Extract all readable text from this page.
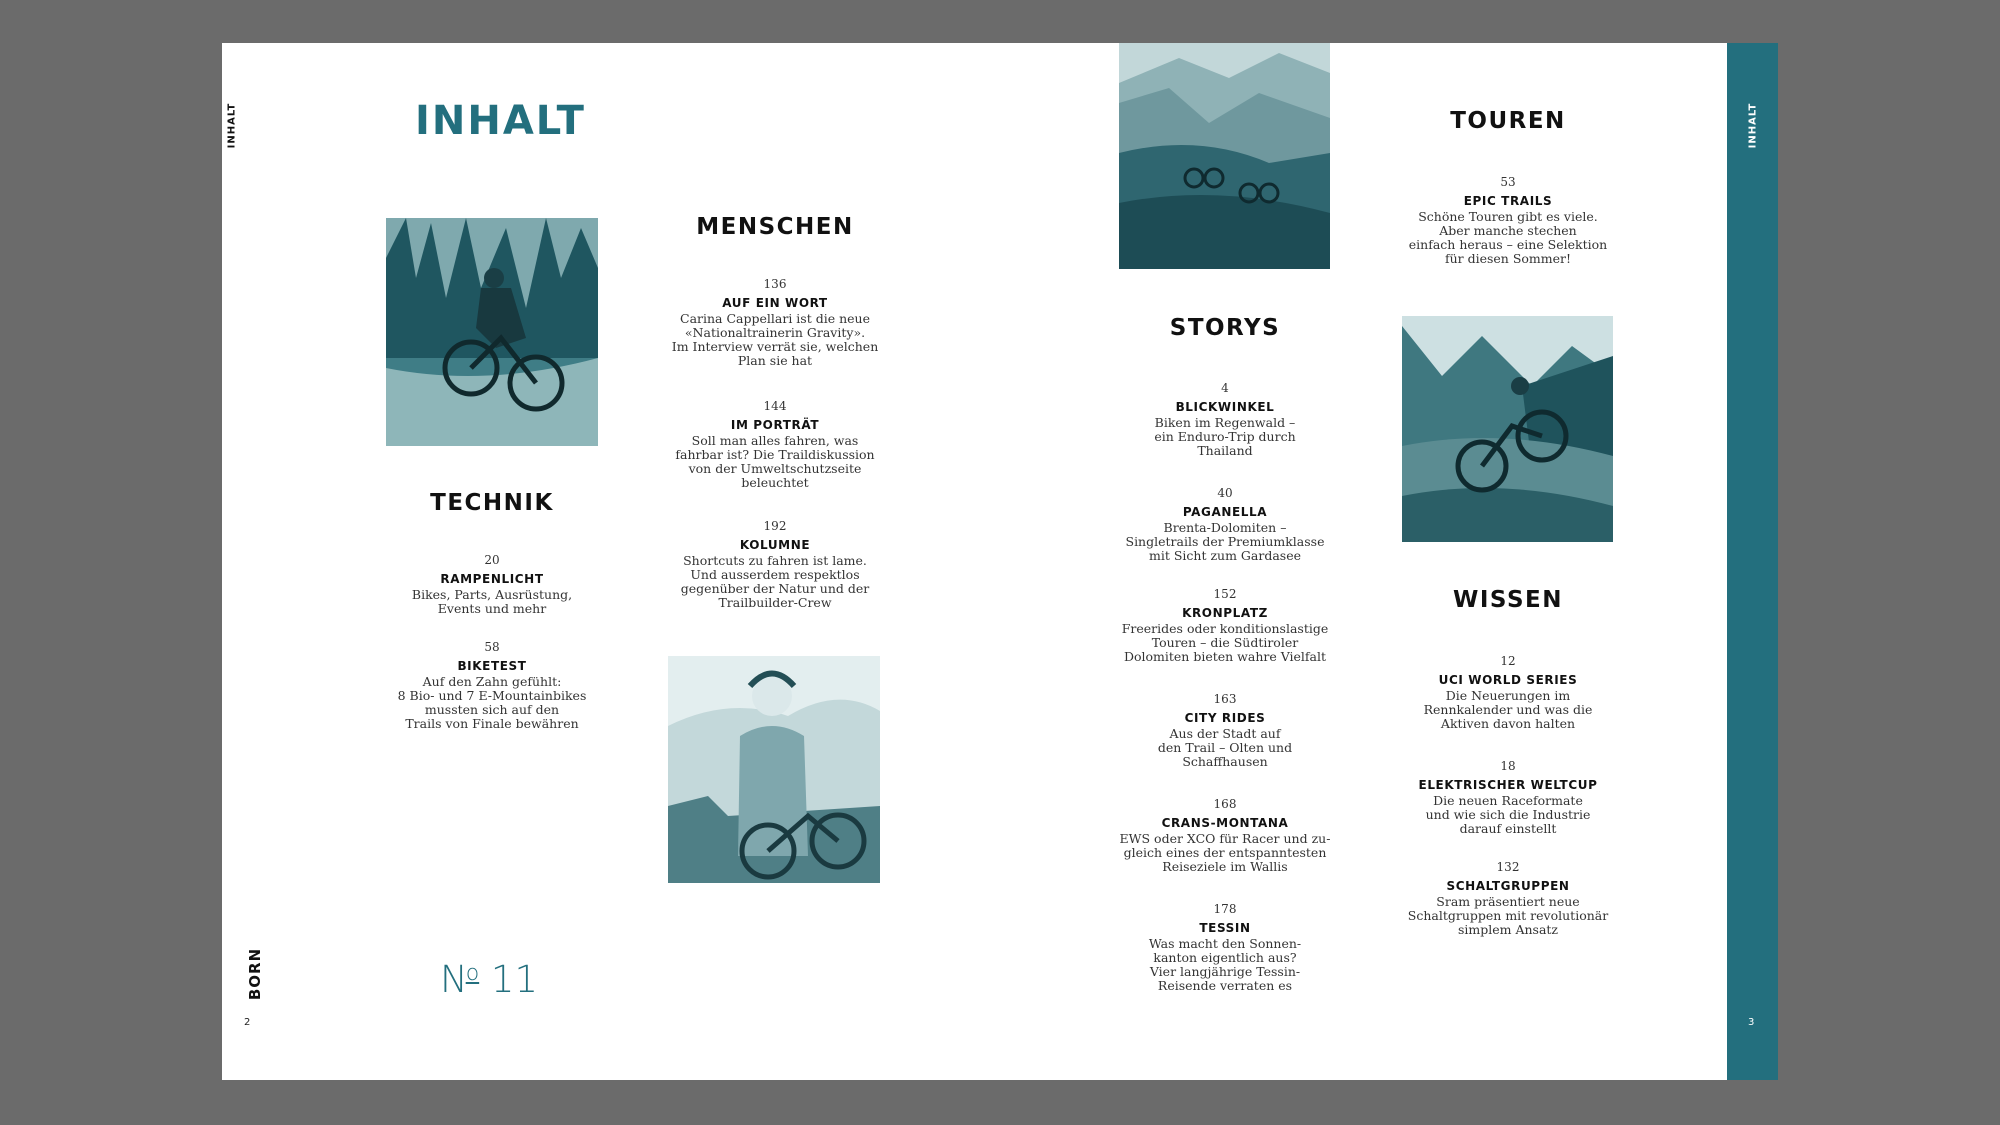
INHALT	INHALT
BORN
2	3
INHALT
$N^o$ 11
TECHNIK
MENSCHEN
STORYS
TOUREN
WISSEN
20
RAMPENLICHT
Bikes, Parts, Ausrüstung,
Events und mehr
58
BIKETEST
Auf den Zahn gefühlt:
8 Bio- und 7 E-Mountainbikes
mussten sich auf den
Trails von Finale bewähren
136
AUF EIN WORT
Carina Cappellari ist die neue
«Nationaltrainerin Gravity».
Im Interview verrät sie, welchen
Plan sie hat
144
IM PORTRÄT
Soll man alles fahren, was
fahrbar ist? Die Traildiskussion
von der Umweltschutzseite
beleuchtet
192
KOLUMNE
Shortcuts zu fahren ist lame.
Und ausserdem respektlos
gegenüber der Natur und der
Trailbuilder-Crew
4
BLICKWINKEL
Biken im Regenwald –
ein Enduro-Trip durch
Thailand
40
PAGANELLA
Brenta-Dolomiten –
Singletrails der Premiumklasse
mit Sicht zum Gardasee
152
KRONPLATZ
Freerides oder konditionslastige
Touren – die Südtiroler
Dolomiten bieten wahre Vielfalt
163
CITY RIDES
Aus der Stadt auf
den Trail – Olten und
Schaffhausen
168
CRANS-MONTANA
EWS oder XCO für Racer und zu-
gleich eines der entspanntesten
Reiseziele im Wallis
178
TESSIN
Was macht den Sonnen-
kanton eigentlich aus?
Vier langjährige Tessin-
Reisende verraten es
53
EPIC TRAILS
Schöne Touren gibt es viele.
Aber manche stechen
einfach heraus – eine Selektion
für diesen Sommer!
12
UCI WORLD SERIES
Die Neuerungen im
Rennkalender und was die
Aktiven davon halten
18
ELEKTRISCHER WELTCUP
Die neuen Raceformate
und wie sich die Industrie
darauf einstellt
132
SCHALTGRUPPEN
Sram präsentiert neue
Schaltgruppen mit revolutionär
simplem Ansatz
